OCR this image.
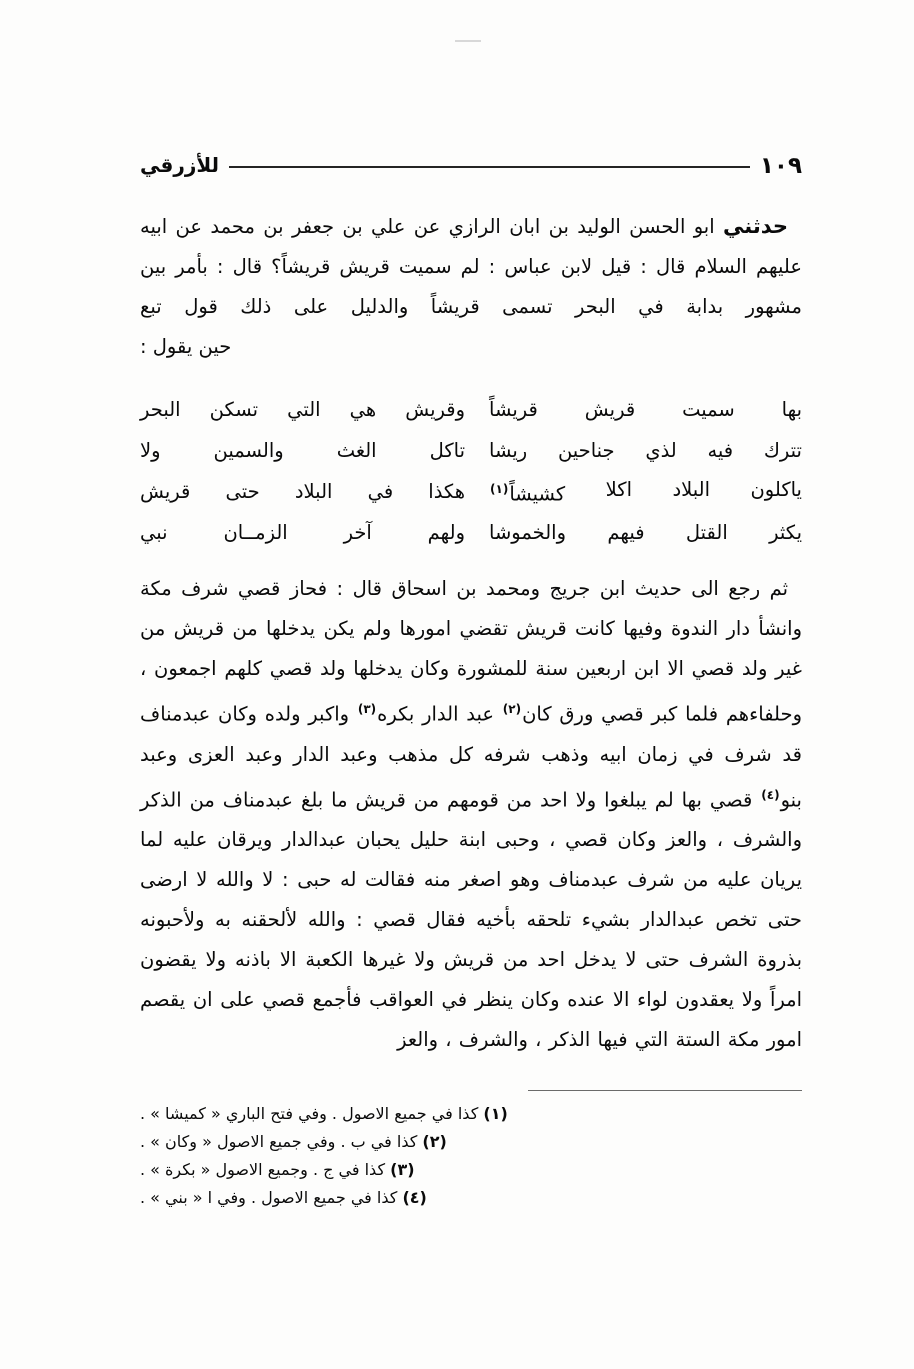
للأزرقي	١٠٩

حدثني ابو الحسن الوليد بن ابان الرازي عن علي بن جعفر بن محمد عن ابيه عليهم السلام قال : قيل لابن عباس : لم سميت قريش قريشاً؟ قال : بأمر بين مشهور بدابة في البحر تسمى قريشاً والدليل على ذلك قول تبع

حين يقول :
بها
سميت
قريش
قريشاً
وقريش
هي
التي
تسكن
البحر
تترك
فيه
لذي
جناحين
ريشا
تاكل
الغث
والسمين
ولا
ياكلون
البلاد
اكلا
كشيشاً$^{(١)}$
هكذا
في
البلاد
حتى
قريش
يكثر
القتل
فيهم
والخموشا
ولهم
آخر
الزمــان
نبي

ثم رجع الى حديث ابن جريج ومحمد بن اسحاق قال : فحاز قصي شرف مكة وانشأ دار الندوة وفيها كانت قريش تقضي امورها ولم يكن يدخلها من قريش من غير ولد قصي الا ابن اربعين سنة للمشورة وكان يدخلها ولد قصي كلهم اجمعون ، وحلفاءهم فلما كبر قصي ورق كان$^{(٢)}$ عبد الدار بكره$^{(٣)}$ واكبر ولده وكان عبدمناف قد شرف في زمان ابيه وذهب شرفه كل مذهب وعبد الدار وعبد العزى وعبد بنو$^{(٤)}$ قصي بها لم يبلغوا ولا احد من قومهم من قريش ما بلغ عبدمناف من الذكر والشرف ، والعز وكان قصي ، وحبى ابنة حليل يحبان عبدالدار ويرقان عليه لما يريان عليه من شرف عبدمناف وهو اصغر منه فقالت له حبى : لا والله لا ارضى حتى تخص عبدالدار بشيء تلحقه بأخيه فقال قصي : والله لألحقنه به ولأحبونه بذروة الشرف حتى لا يدخل احد من قريش ولا غيرها الكعبة الا باذنه ولا يقضون امراً ولا يعقدون لواء الا عنده وكان ينظر في العواقب فأجمع قصي على ان يقصم امور مكة الستة التي فيها الذكر ، والشرف ، والعز

(١) كذا في جميع الاصول . وفي فتح الباري « كميشا » .
(٢) كذا في ب . وفي جميع الاصول « وكان » .
(٣) كذا في ج . وجميع الاصول « بكرة » .
(٤) كذا في جميع الاصول . وفي ا « بني » .
